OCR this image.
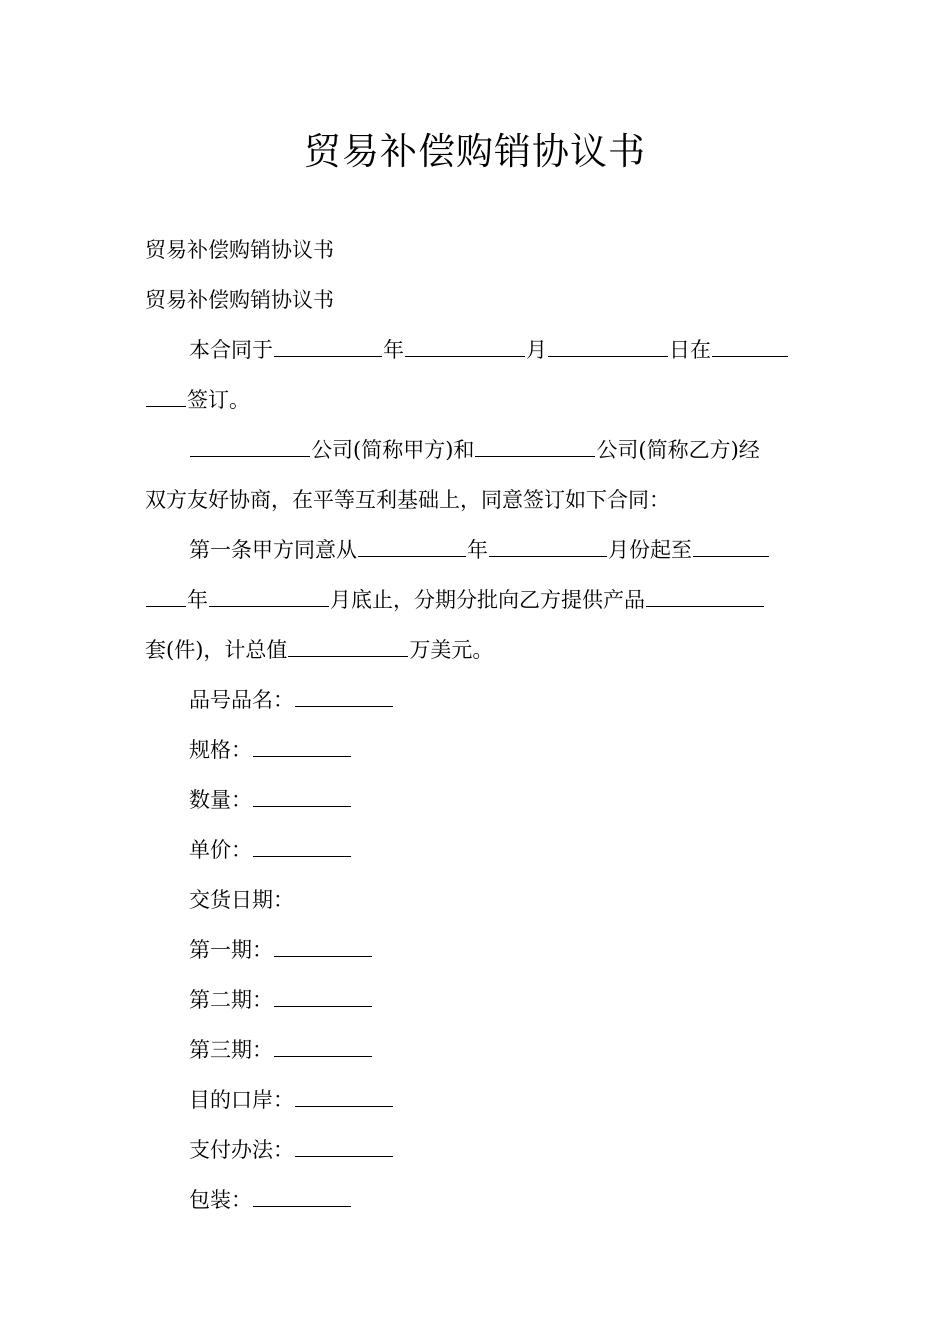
贸易补偿购销协议书

贸易补偿购销协议书

贸易补偿购销协议书

本合同于	年	月	日在

签订。

公司(简称甲方)和	公司(简称乙方)经

双方友好协商，在平等互利基础上，同意签订如下合同：

第一条甲方同意从	年	月份起至

年	月底止，分期分批向乙方提供产品

套(件)，计总值	万美元。

品号品名：

规格：

数量：

单价：

交货日期：

第一期：

第二期：

第三期：

目的口岸：

支付办法：

包装：
